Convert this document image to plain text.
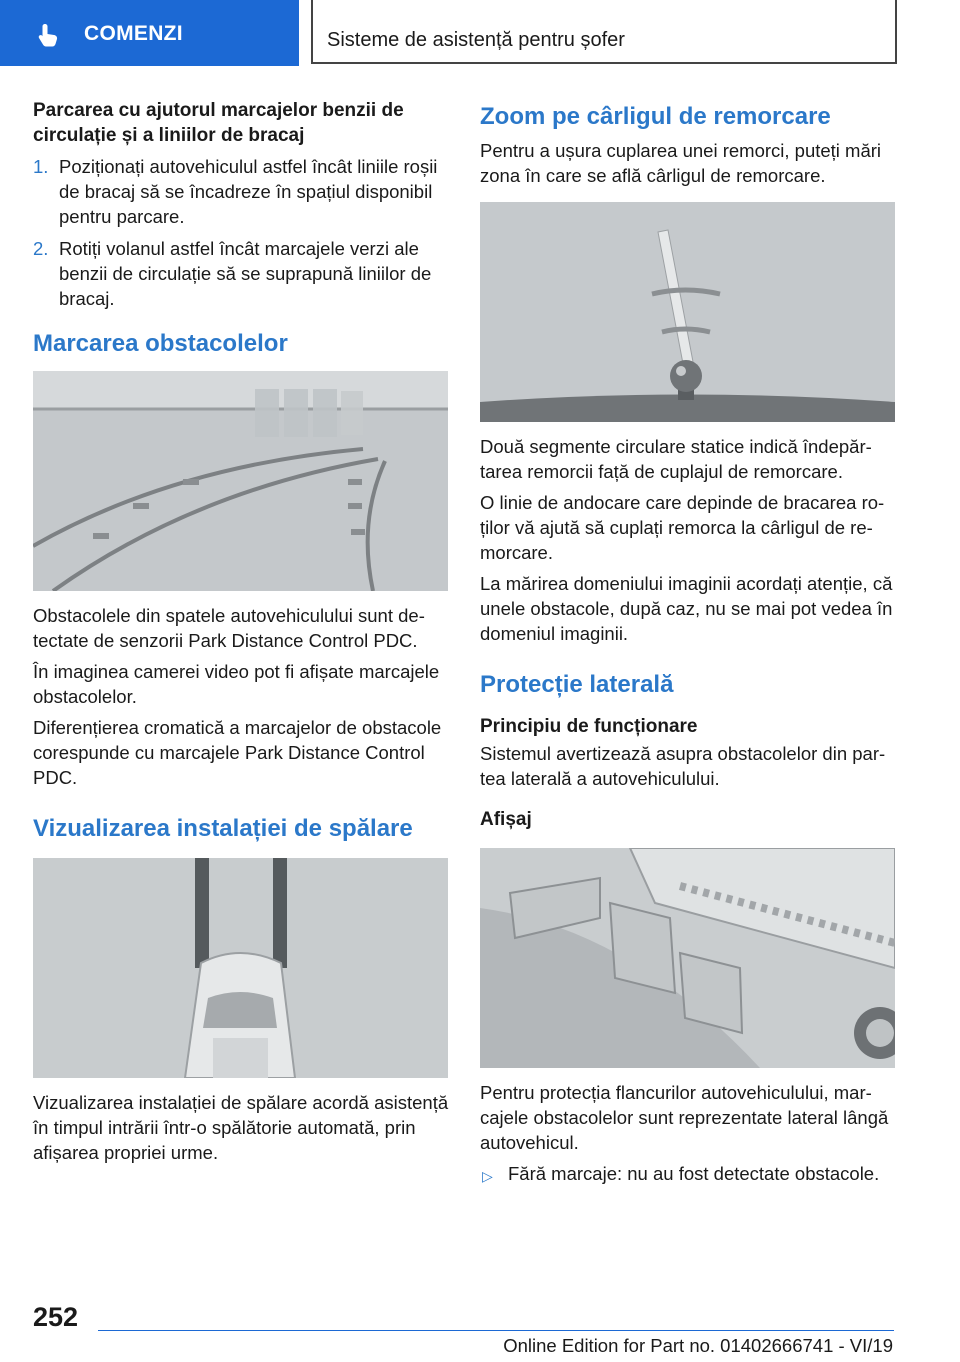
COMENZI	Sisteme de asistență pentru șofer
Parcarea cu ajutorul marcajelor benzii de circulație și a liniilor de bracaj
1. Poziționați autovehiculul astfel încât liniile roșii de bracaj să se încadreze în spațiul disponibil pentru parcare.
2. Rotiți volanul astfel încât marcajele verzi ale benzii de circulație să se suprapună liniilor de bracaj.
Marcarea obstacolelor

Obstacolele din spatele autovehiculului sunt detectate de senzorii Park Distance Control PDC.

În imaginea camerei video pot fi afișate marcajele obstacolelor.

Diferențierea cromatică a marcajelor de obstacole corespunde cu marcajele Park Distance Control PDC.

Vizualizarea instalației de spălare

Vizualizarea instalației de spălare acordă asistență în timpul intrării într-o spălătorie automată, prin afișarea propriei urme.

Zoom pe cârligul de remorcare

Pentru a ușura cuplarea unei remorci, puteți mări zona în care se află cârligul de remorcare.

Două segmente circulare statice indică îndepărtarea remorcii față de cuplajul de remorcare.

O linie de andocare care depinde de bracarea roților vă ajută să cuplați remorca la cârligul de remorcare.

La mărirea domeniului imaginii acordați atenție, că unele obstacole, după caz, nu se mai pot vedea în domeniul imaginii.

Protecție laterală
Principiu de funcționare

Sistemul avertizează asupra obstacolelor din partea laterală a autovehiculului.

Afișaj

Pentru protecția flancurilor autovehiculului, marcajele obstacolelor sunt reprezentate lateral lângă autovehicul.

▷ Fără marcaje: nu au fost detectate obstacole.
252
Online Edition for Part no. 01402666741 - VI/19
